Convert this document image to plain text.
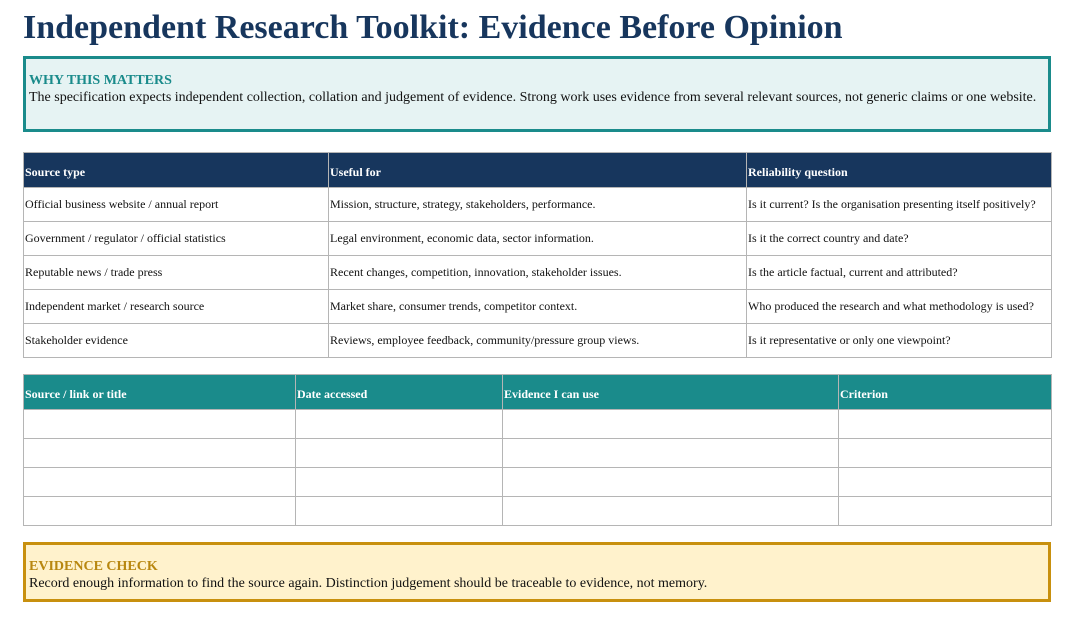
Independent Research Toolkit: Evidence Before Opinion
WHY THIS MATTERS
The specification expects independent collection, collation and judgement of evidence. Strong work uses evidence from several relevant sources, not generic claims or one website.
Source type	Useful for	Reliability question
Official business website / annual report	Mission, structure, strategy, stakeholders, performance.	Is it current? Is the organisation presenting itself positively?
Government / regulator / official statistics	Legal environment, economic data, sector information.	Is it the correct country and date?
Reputable news / trade press	Recent changes, competition, innovation, stakeholder issues.	Is the article factual, current and attributed?
Independent market / research source	Market share, consumer trends, competitor context.	Who produced the research and what methodology is used?
Stakeholder evidence	Reviews, employee feedback, community/pressure group views.	Is it representative or only one viewpoint?
Source / link or title	Date accessed	Evidence I can use	Criterion

EVIDENCE CHECK
Record enough information to find the source again. Distinction judgement should be traceable to evidence, not memory.
